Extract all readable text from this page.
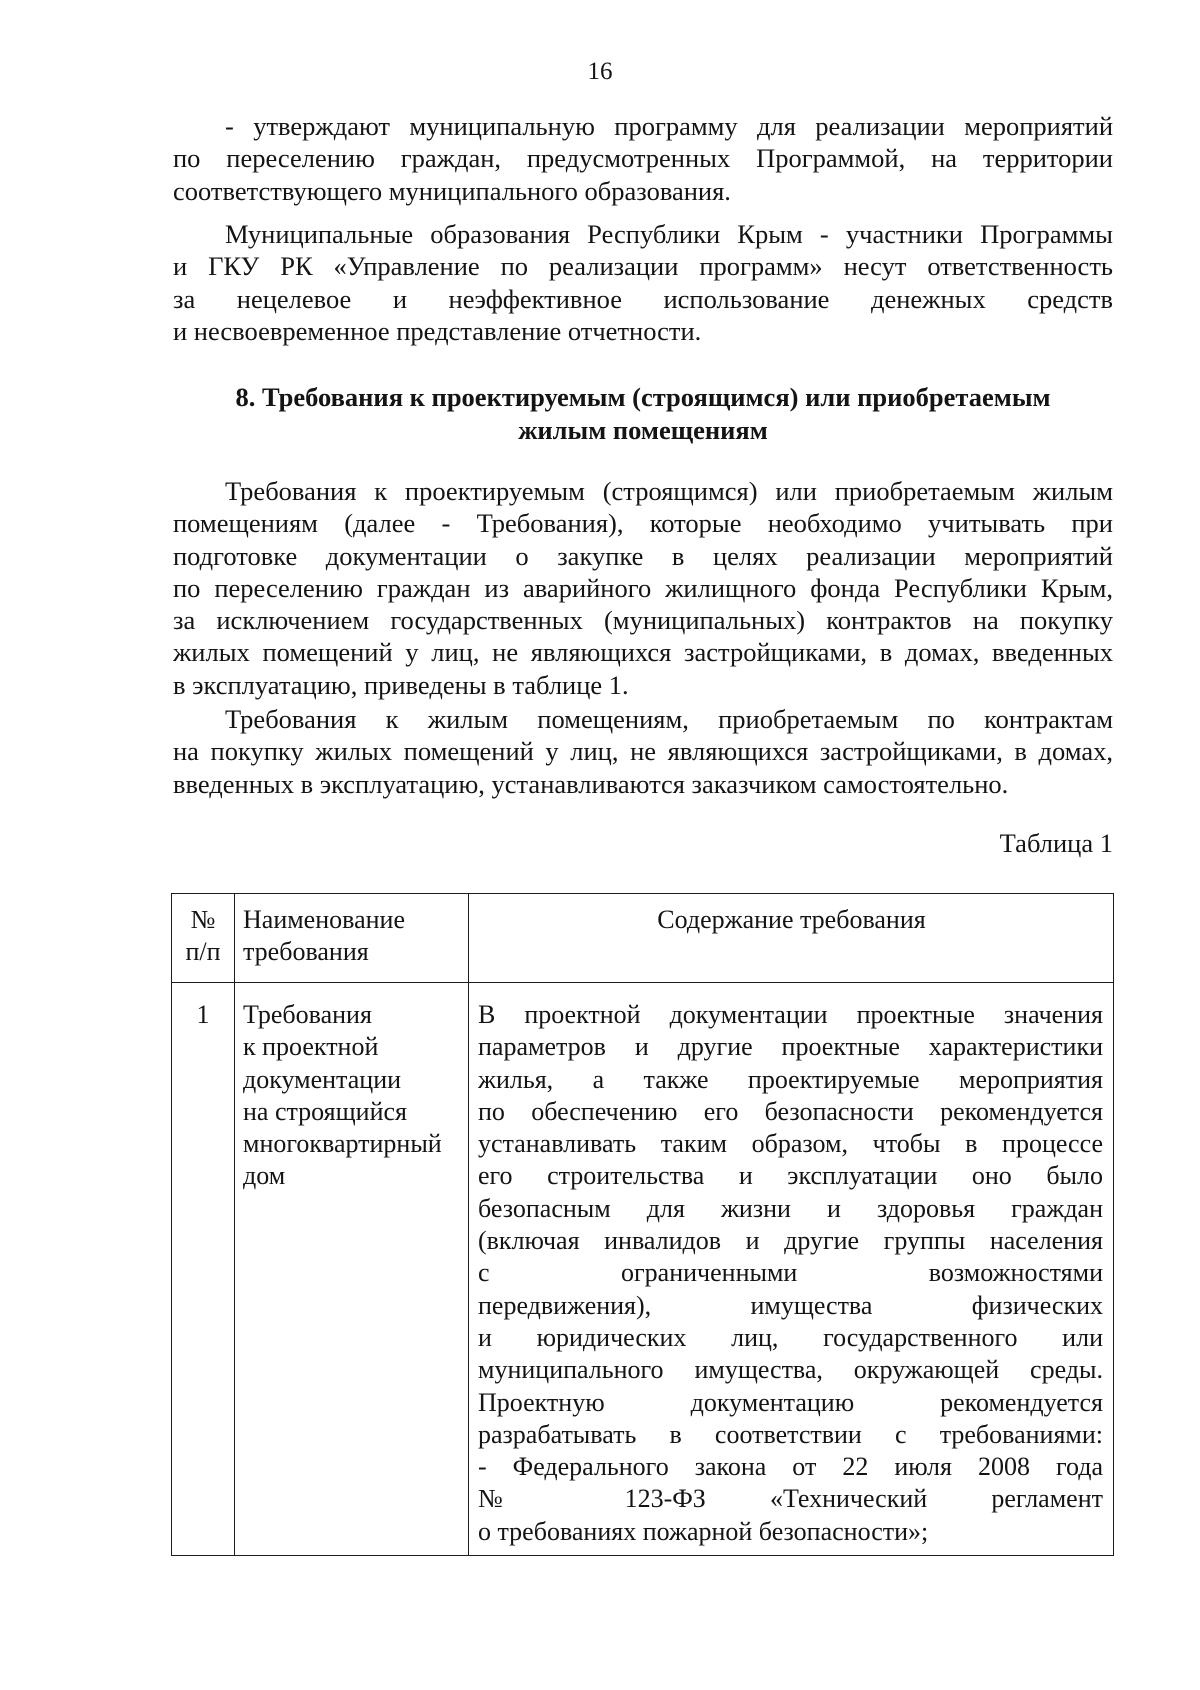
16
- утверждают муниципальную программу для реализации мероприятий
по переселению граждан, предусмотренных Программой, на территории
соответствующего муниципального образования.
Муниципальные образования Республики Крым - участники Программы
и ГКУ РК «Управление по реализации программ» несут ответственность
за нецелевое и неэффективное использование денежных средств
и несвоевременное представление отчетности.
8. Требования к проектируемым (строящимся) или приобретаемым
жилым помещениям
Требования к проектируемым (строящимся) или приобретаемым жилым
помещениям (далее - Требования), которые необходимо учитывать при
подготовке документации о закупке в целях реализации мероприятий
по переселению граждан из аварийного жилищного фонда Республики Крым,
за исключением государственных (муниципальных) контрактов на покупку
жилых помещений у лиц, не являющихся застройщиками, в домах, введенных
в эксплуатацию, приведены в таблице 1.
Требования к жилым помещениям, приобретаемым по контрактам
на покупку жилых помещений у лиц, не являющихся застройщиками, в домах,
введенных в эксплуатацию, устанавливаются заказчиком самостоятельно.
Таблица 1
№
п/п
Наименование
требования
Содержание требования
1	Требования
к проектной
документации
на строящийся
многоквартирный
дом
В проектной документации проектные значения
параметров и другие проектные характеристики
жилья, а также проектируемые мероприятия
по обеспечению его безопасности рекомендуется
устанавливать таким образом, чтобы в процессе
его строительства и эксплуатации оно было
безопасным для жизни и здоровья граждан
(включая инвалидов и другие группы населения
с ограниченными возможностями
передвижения), имущества физических
и юридических лиц, государственного или
муниципального имущества, окружающей среды.
Проектную документацию рекомендуется
разрабатывать в соответствии с требованиями:
- Федерального закона от 22 июля 2008 года
№ 123-ФЗ «Технический регламент
о требованиях пожарной безопасности»;
